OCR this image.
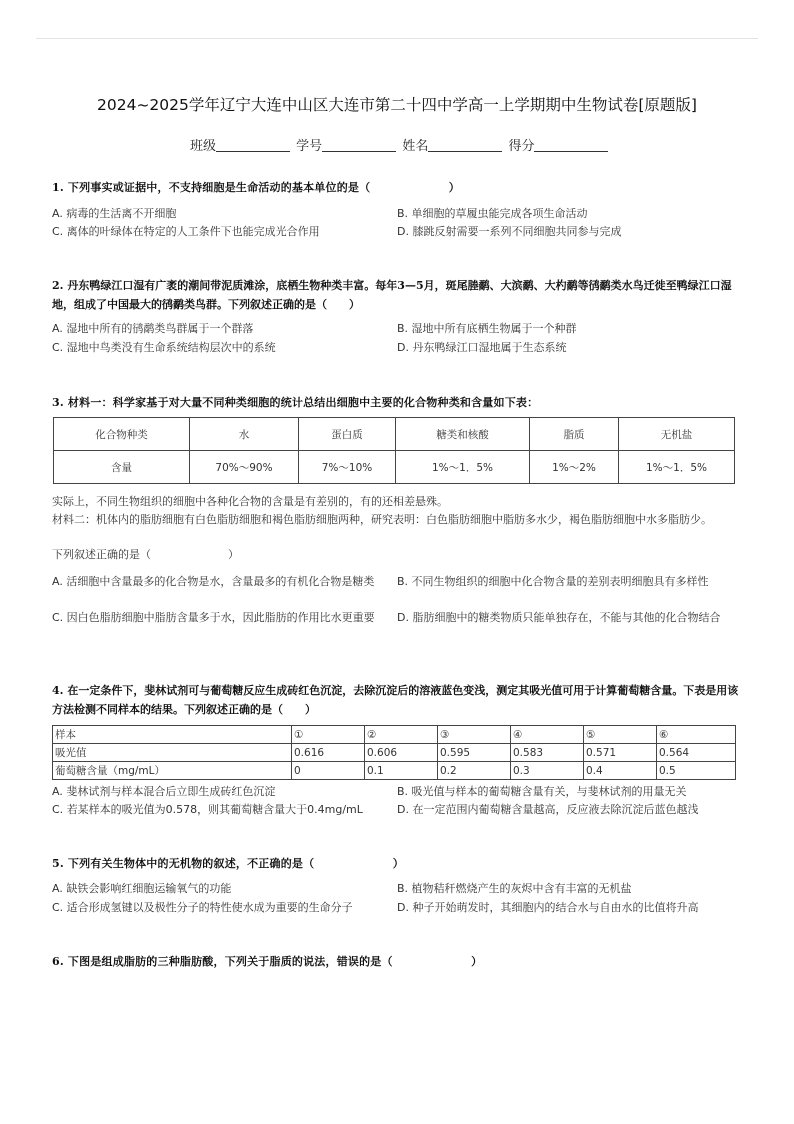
2024~2025学年辽宁大连中山区大连市第二十四中学高一上学期期中生物试卷[原题版]
班级	学号	姓名	得分
1. 下列事实或证据中，不支持细胞是生命活动的基本单位的是（　　　　　　　）
A. 病毒的生活离不开细胞	B. 单细胞的草履虫能完成各项生命活动
C. 离体的叶绿体在特定的人工条件下也能完成光合作用	D. 膝跳反射需要一系列不同细胞共同参与完成
2. 丹东鸭绿江口湿有广袤的潮间带泥质滩涂，底栖生物种类丰富。每年3—5月，斑尾塍鹬、大滨鹬、大杓鹬等鸻鹬类水鸟迁徙至鸭绿江口湿地，组成了中国最大的鸻鹬类鸟群。下列叙述正确的是（　　）
A. 湿地中所有的鸻鹬类鸟群属于一个群落	B. 湿地中所有底栖生物属于一个种群
C. 湿地中鸟类没有生命系统结构层次中的系统	D. 丹东鸭绿江口湿地属于生态系统
3. 材料一：科学家基于对大量不同种类细胞的统计总结出细胞中主要的化合物种类和含量如下表：
化合物种类	水	蛋白质	糖类和核酸	脂质	无机盐
含量	70%～90%	7%～10%	1%～1．5%	1%～2%	1%～1．5%
实际上，不同生物组织的细胞中各种化合物的含量是有差别的，有的还相差悬殊。
材料二：机体内的脂肪细胞有白色脂肪细胞和褐色脂肪细胞两种，研究表明：白色脂肪细胞中脂肪多水少，褐色脂肪细胞中水多脂肪少。
下列叙述正确的是（　　　　　　　）
A. 活细胞中含量最多的化合物是水，含量最多的有机化合物是糖类	B. 不同生物组织的细胞中化合物含量的差别表明细胞具有多样性
C. 因白色脂肪细胞中脂肪含量多于水，因此脂肪的作用比水更重要	D. 脂肪细胞中的糖类物质只能单独存在，不能与其他的化合物结合
4. 在一定条件下，斐林试剂可与葡萄糖反应生成砖红色沉淀，去除沉淀后的溶液蓝色变浅，测定其吸光值可用于计算葡萄糖含量。下表是用该方法检测不同样本的结果。下列叙述正确的是（　　）
样本	①	②	③	④	⑤	⑥
吸光值	0.616	0.606	0.595	0.583	0.571	0.564
葡萄糖含量（mg/mL）	0	0.1	0.2	0.3	0.4	0.5
A. 斐林试剂与样本混合后立即生成砖红色沉淀	B. 吸光值与样本的葡萄糖含量有关，与斐林试剂的用量无关
C. 若某样本的吸光值为0.578，则其葡萄糖含量大于0.4mg/mL	D. 在一定范围内葡萄糖含量越高，反应液去除沉淀后蓝色越浅
5. 下列有关生物体中的无机物的叙述，不正确的是（　　　　　　　）
A. 缺铁会影响红细胞运输氧气的功能	B. 植物秸秆燃烧产生的灰烬中含有丰富的无机盐
C. 适合形成氢键以及极性分子的特性使水成为重要的生命分子	D. 种子开始萌发时，其细胞内的结合水与自由水的比值将升高
6. 下图是组成脂肪的三种脂肪酸，下列关于脂质的说法，错误的是（　　　　　　　）
